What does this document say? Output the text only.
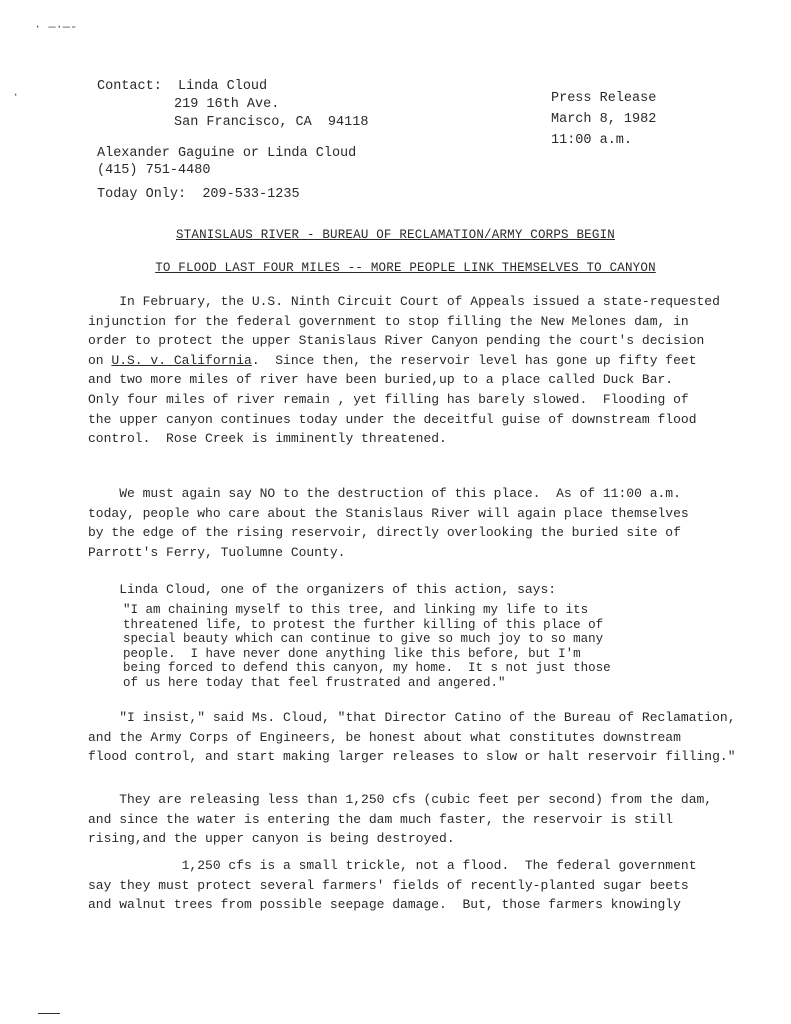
· —·—-
·
Contact: Linda Cloud
219 16th Ave.
San Francisco, CA  94118
Press Release
March 8, 1982
11:00 a.m.
Alexander Gaguine or Linda Cloud
(415) 751-4480
Today Only: 209-533-1235
STANISLAUS RIVER - BUREAU OF RECLAMATION/ARMY CORPS BEGIN
TO FLOOD LAST FOUR MILES -- MORE PEOPLE LINK THEMSELVES TO CANYON

In February, the U.S. Ninth Circuit Court of Appeals issued a state-requested

injunction for the federal government to stop filling the New Melones dam, in

order to protect the upper Stanislaus River Canyon pending the court's decision

on U.S. v. California.  Since then, the reservoir level has gone up fifty feet

and two more miles of river have been buried,up to a place called Duck Bar.

Only four miles of river remain , yet filling has barely slowed.  Flooding of

the upper canyon continues today under the deceitful guise of downstream flood

control.  Rose Creek is imminently threatened.

We must again say NO to the destruction of this place.  As of 11:00 a.m.

today, people who care about the Stanislaus River will again place themselves

by the edge of the rising reservoir, directly overlooking the buried site of

Parrott's Ferry, Tuolumne County.

Linda Cloud, one of the organizers of this action, says:

"I am chaining myself to this tree, and linking my life to its

threatened life, to protest the further killing of this place of

special beauty which can continue to give so much joy to so many

people.  I have never done anything like this before, but I'm

being forced to defend this canyon, my home.  It s not just those

of us here today that feel frustrated and angered."

"I insist," said Ms. Cloud, "that Director Catino of the Bureau of Reclamation,

and the Army Corps of Engineers, be honest about what constitutes downstream

flood control, and start making larger releases to slow or halt reservoir filling."

They are releasing less than 1,250 cfs (cubic feet per second) from the dam,

and since the water is entering the dam much faster, the reservoir is still

rising,and the upper canyon is being destroyed.

1,250 cfs is a small trickle, not a flood.  The federal government

say they must protect several farmers' fields of recently-planted sugar beets

and walnut trees from possible seepage damage.  But, those farmers knowingly
